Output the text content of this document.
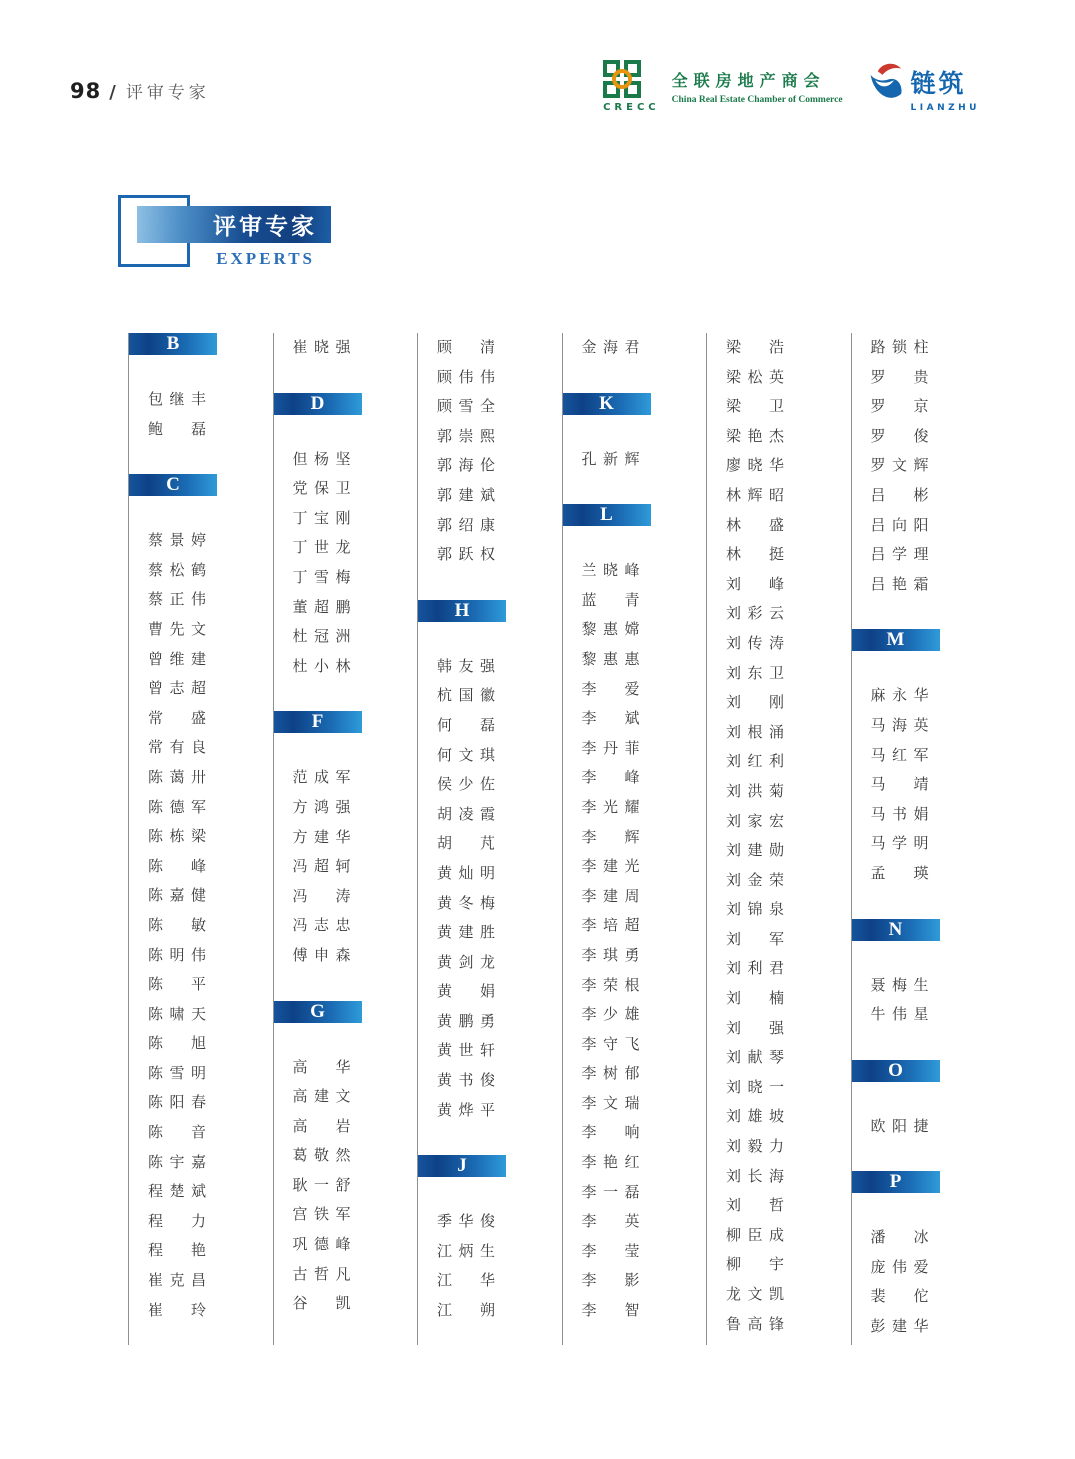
98 / 评审专家
CRECC
全联房地产商会
China Real Estate Chamber of Commerce
链筑
LIANZHU
评审专家
EXPERTS
B
包继丰
鲍磊
C
蔡景婷
蔡松鹤
蔡正伟
曹先文
曾维建
曾志超
常盛
常有良
陈蔼卅
陈德军
陈栋梁
陈峰
陈嘉健
陈敏
陈明伟
陈平
陈啸天
陈旭
陈雪明
陈阳春
陈音
陈宇嘉
程楚斌
程力
程艳
崔克昌
崔玲
崔晓强
D
但杨坚
党保卫
丁宝刚
丁世龙
丁雪梅
董超鹏
杜冠洲
杜小林
F
范成军
方鸿强
方建华
冯超轲
冯涛
冯志忠
傅申森
G
高华
高建文
高岩
葛敬然
耿一舒
宫铁军
巩德峰
古哲凡
谷凯
顾清
顾伟伟
顾雪全
郭崇熙
郭海伦
郭建斌
郭绍康
郭跃权
H
韩友强
杭国徽
何磊
何文琪
侯少佐
胡凌霞
胡芃
黄灿明
黄冬梅
黄建胜
黄剑龙
黄娟
黄鹏勇
黄世轩
黄书俊
黄烨平
J
季华俊
江炳生
江华
江朔
金海君
K
孔新辉
L
兰晓峰
蓝青
黎惠嫦
黎惠惠
李爱
李斌
李丹菲
李峰
李光耀
李辉
李建光
李建周
李培超
李琪勇
李荣根
李少雄
李守飞
李树郁
李文瑞
李响
李艳红
李一磊
李英
李莹
李影
李智
梁浩
梁松英
梁卫
梁艳杰
廖晓华
林辉昭
林盛
林挺
刘峰
刘彩云
刘传涛
刘东卫
刘刚
刘根涌
刘红利
刘洪菊
刘家宏
刘建勋
刘金荣
刘锦泉
刘军
刘利君
刘楠
刘强
刘献琴
刘晓一
刘雄坡
刘毅力
刘长海
刘哲
柳臣成
柳宇
龙文凯
鲁高锋
路锁柱
罗贵
罗京
罗俊
罗文辉
吕彬
吕向阳
吕学理
吕艳霜
M
麻永华
马海英
马红军
马靖
马书娟
马学明
孟瑛
N
聂梅生
牛伟星
O
欧阳捷
P
潘冰
庞伟爱
裴佗
彭建华
